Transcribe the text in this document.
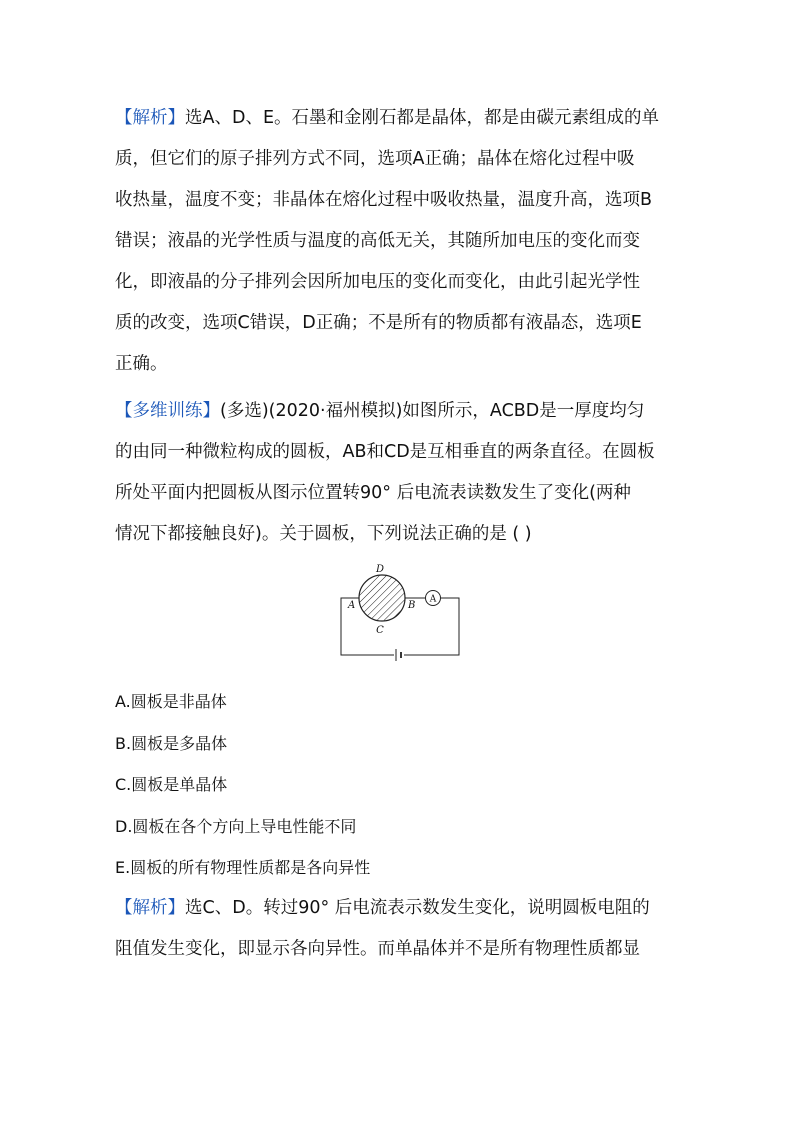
【解析】选A、D、E。石墨和金刚石都是晶体，都是由碳元素组成的单
质，但它们的原子排列方式不同，选项A正确；晶体在熔化过程中吸
收热量，温度不变；非晶体在熔化过程中吸收热量，温度升高，选项B
错误；液晶的光学性质与温度的高低无关，其随所加电压的变化而变
化，即液晶的分子排列会因所加电压的变化而变化，由此引起光学性
质的改变，选项C错误，D正确；不是所有的物质都有液晶态，选项E
正确。
【多维训练】(多选)(2020·福州模拟)如图所示，ACBD是一厚度均匀
的由同一种微粒构成的圆板，AB和CD是互相垂直的两条直径。在圆板
所处平面内把圆板从图示位置转90° 后电流表读数发生了变化(两种
情况下都接触良好)。关于圆板，下列说法正确的是 ( )
A
D
A	B
C
A.圆板是非晶体
B.圆板是多晶体
C.圆板是单晶体
D.圆板在各个方向上导电性能不同
E.圆板的所有物理性质都是各向异性
【解析】选C、D。转过90° 后电流表示数发生变化，说明圆板电阻的
阻值发生变化，即显示各向异性。而单晶体并不是所有物理性质都显
